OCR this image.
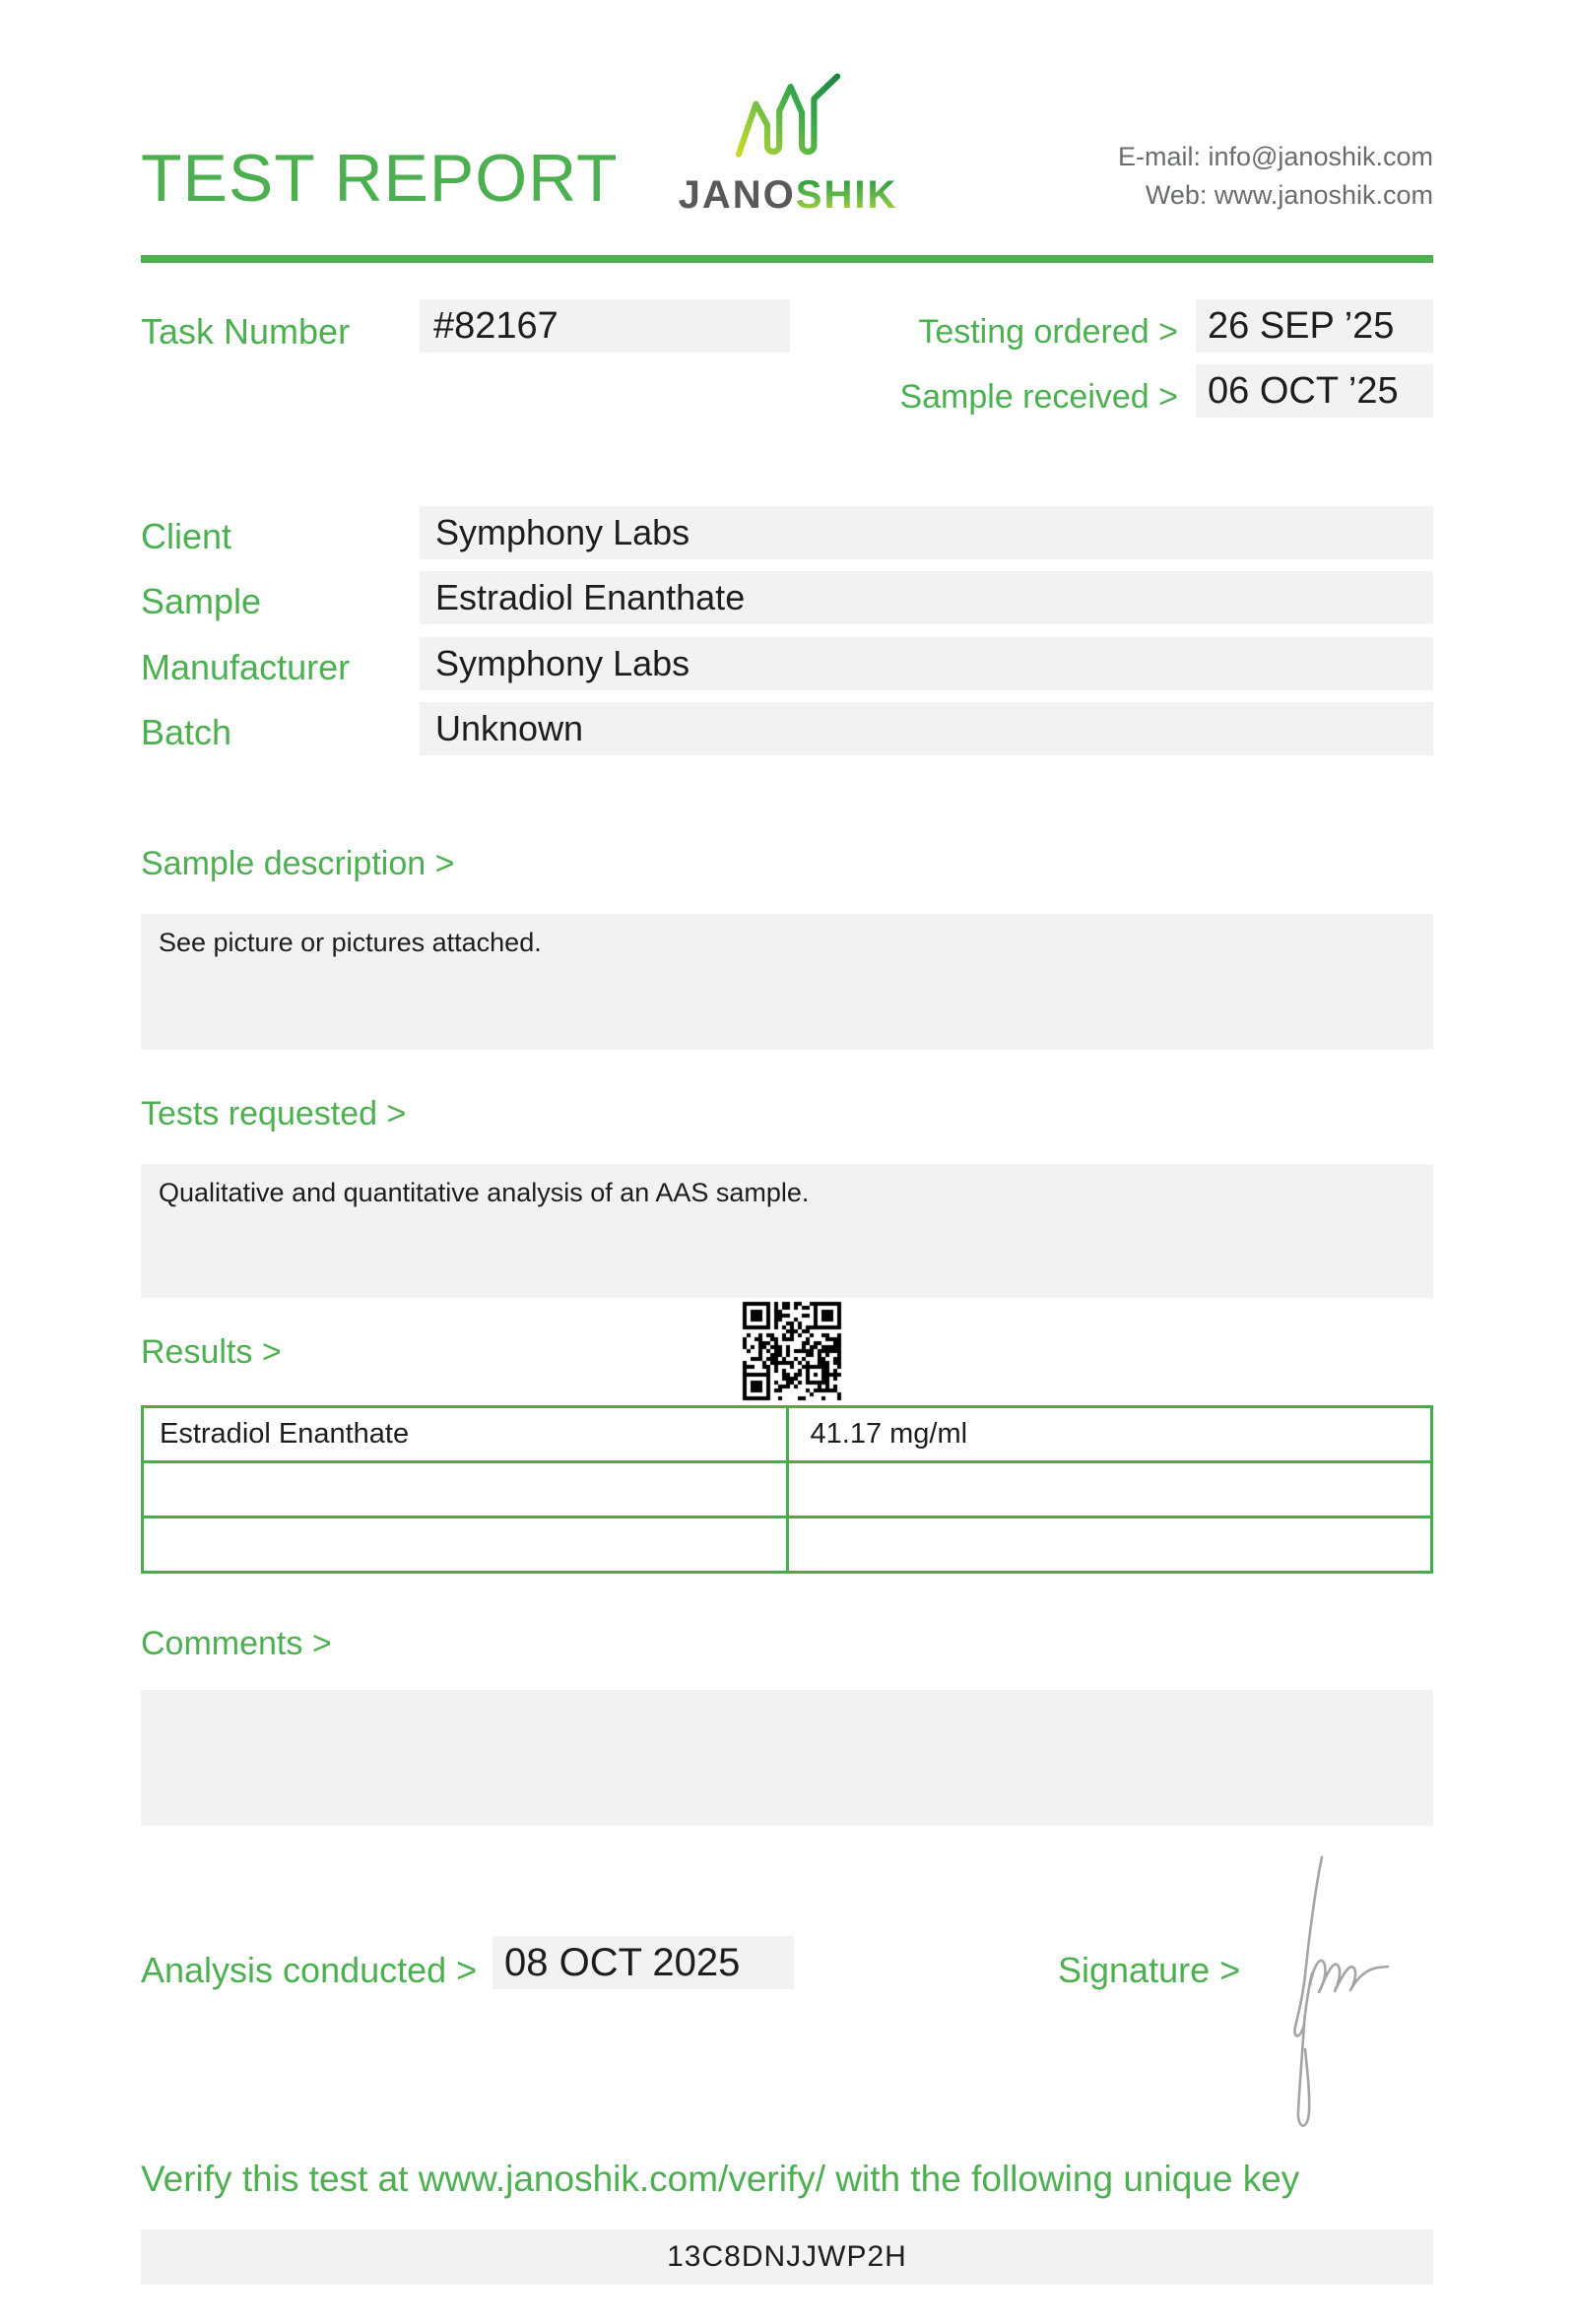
TEST REPORT	JANOSHIK
E-mail: info@janoshik.com
Web: www.janoshik.com
Task Number	#82167	Testing ordered > 26 SEP ’25
Sample received > 06 OCT ’25
Client	Symphony Labs
Sample	Estradiol Enanthate
Manufacturer	Symphony Labs
Batch	Unknown
Sample description >
See picture or pictures attached.
Tests requested >
Qualitative and quantitative analysis of an AAS sample.
Results >
Estradiol Enanthate	41.17 mg/ml

Comments >
Analysis conducted > 08 OCT 2025	Signature >
Verify this test at www.janoshik.com/verify/ with the following unique key
13C8DNJJWP2H
